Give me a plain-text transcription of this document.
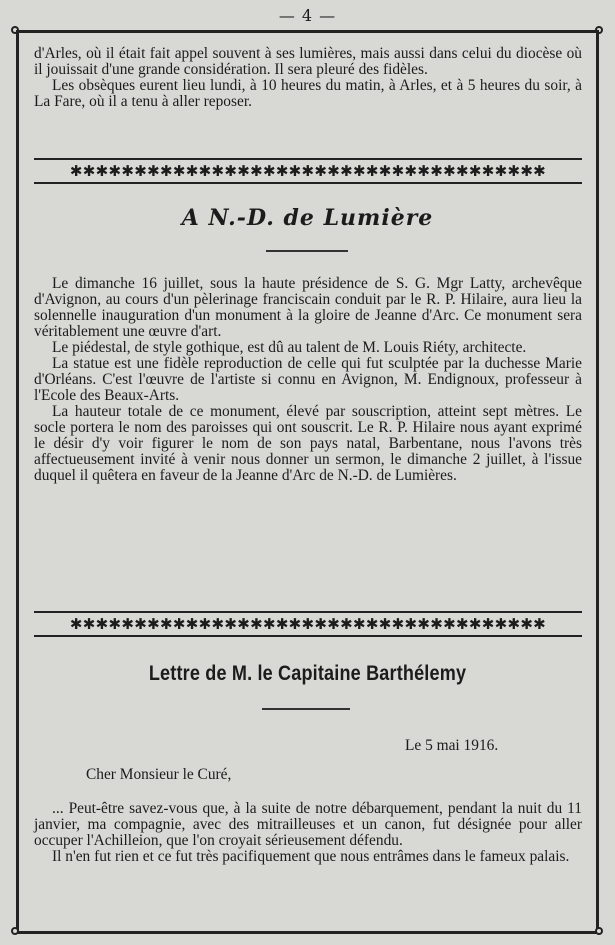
— 4 —

d'Arles, où il était fait appel souvent à ses lumières, mais aussi dans celui du diocèse où il jouissait d'une grande considération. Il sera pleuré des fidèles.

Les obsèques eurent lieu lundi, à 10 heures du matin, à Arles, et à 5 heures du soir, à La Fare, où il a tenu à aller reposer.

✱✱✱✱✱✱✱✱✱✱✱✱✱✱✱✱✱✱✱✱✱✱✱✱✱✱✱✱✱✱✱✱✱✱✱✱✱
A N.-D. de Lumière

Le dimanche 16 juillet, sous la haute présidence de S. G. Mgr Latty, archevêque d'Avignon, au cours d'un pèlerinage franciscain conduit par le R. P. Hilaire, aura lieu la solennelle inauguration d'un monument à la gloire de Jeanne d'Arc. Ce monument sera véritablement une œuvre d'art.

Le piédestal, de style gothique, est dû au talent de M. Louis Riéty, architecte.

La statue est une fidèle reproduction de celle qui fut sculptée par la duchesse Marie d'Orléans. C'est l'œuvre de l'artiste si connu en Avignon, M. Endignoux, professeur à l'Ecole des Beaux-Arts.

La hauteur totale de ce monument, élevé par souscription, atteint sept mètres. Le socle portera le nom des paroisses qui ont souscrit. Le R. P. Hilaire nous ayant exprimé le désir d'y voir figurer le nom de son pays natal, Barbentane, nous l'avons très affectueusement invité à venir nous donner un sermon, le dimanche 2 juillet, à l'issue duquel il quêtera en faveur de la Jeanne d'Arc de N.-D. de Lumières.

✱✱✱✱✱✱✱✱✱✱✱✱✱✱✱✱✱✱✱✱✱✱✱✱✱✱✱✱✱✱✱✱✱✱✱✱✱
Lettre de M. le Capitaine Barthélemy
Le 5 mai 1916.
Cher Monsieur le Curé,

... Peut-être savez-vous que, à la suite de notre débarquement, pendant la nuit du 11 janvier, ma compagnie, avec des mitrailleuses et un canon, fut désignée pour aller occuper l'Achilleion, que l'on croyait sérieusement défendu.

Il n'en fut rien et ce fut très pacifiquement que nous entrâmes dans le fameux palais.
